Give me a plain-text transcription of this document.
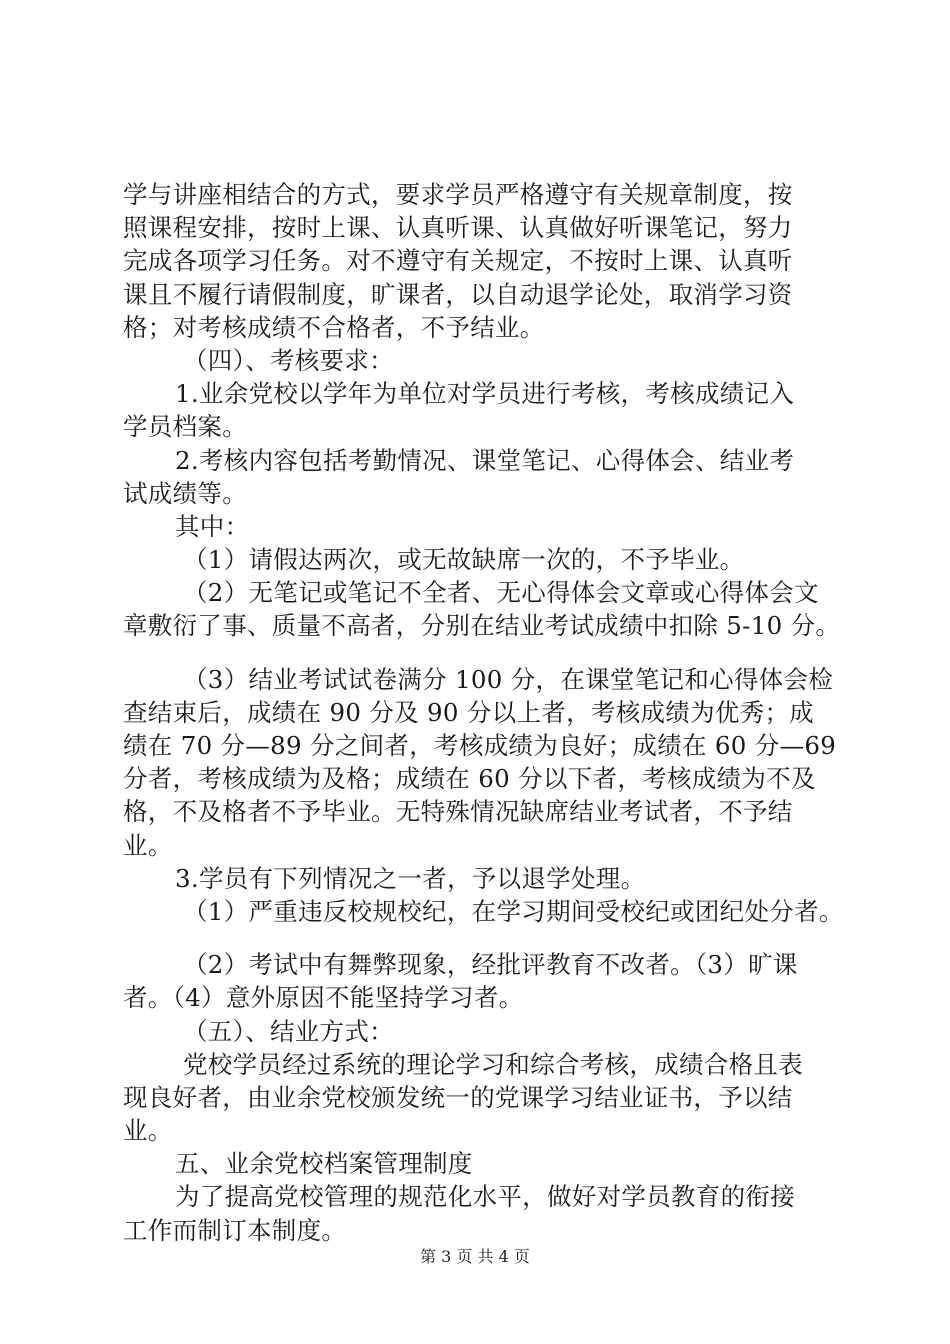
学与讲座相结合的方式，要求学员严格遵守有关规章制度，按
照课程安排，按时上课、认真听课、认真做好听课笔记，努力
完成各项学习任务。对不遵守有关规定，不按时上课、认真听
课且不履行请假制度，旷课者，以自动退学论处，取消学习资
格；对考核成绩不合格者，不予结业。
（四）、考核要求：
1.业余党校以学年为单位对学员进行考核，考核成绩记入
学员档案。
2.考核内容包括考勤情况、课堂笔记、心得体会、结业考
试成绩等。
其中：
（1）请假达两次，或无故缺席一次的，不予毕业。
（2）无笔记或笔记不全者、无心得体会文章或心得体会文
章敷衍了事、质量不高者，分别在结业考试成绩中扣除 5-10 分。
（3）结业考试试卷满分 100 分，在课堂笔记和心得体会检
查结束后，成绩在 90 分及 90 分以上者，考核成绩为优秀；成
绩在 70 分—89 分之间者，考核成绩为良好；成绩在 60 分—69
分者，考核成绩为及格；成绩在 60 分以下者，考核成绩为不及
格，不及格者不予毕业。无特殊情况缺席结业考试者，不予结
业。
3.学员有下列情况之一者，予以退学处理。
（1）严重违反校规校纪，在学习期间受校纪或团纪处分者。
（2）考试中有舞弊现象，经批评教育不改者。（3）旷课
者。（4）意外原因不能坚持学习者。
（五）、结业方式：
党校学员经过系统的理论学习和综合考核，成绩合格且表
现良好者，由业余党校颁发统一的党课学习结业证书，予以结
业。
五、业余党校档案管理制度
为了提高党校管理的规范化水平，做好对学员教育的衔接
工作而制订本制度。
第 3 页 共 4 页
